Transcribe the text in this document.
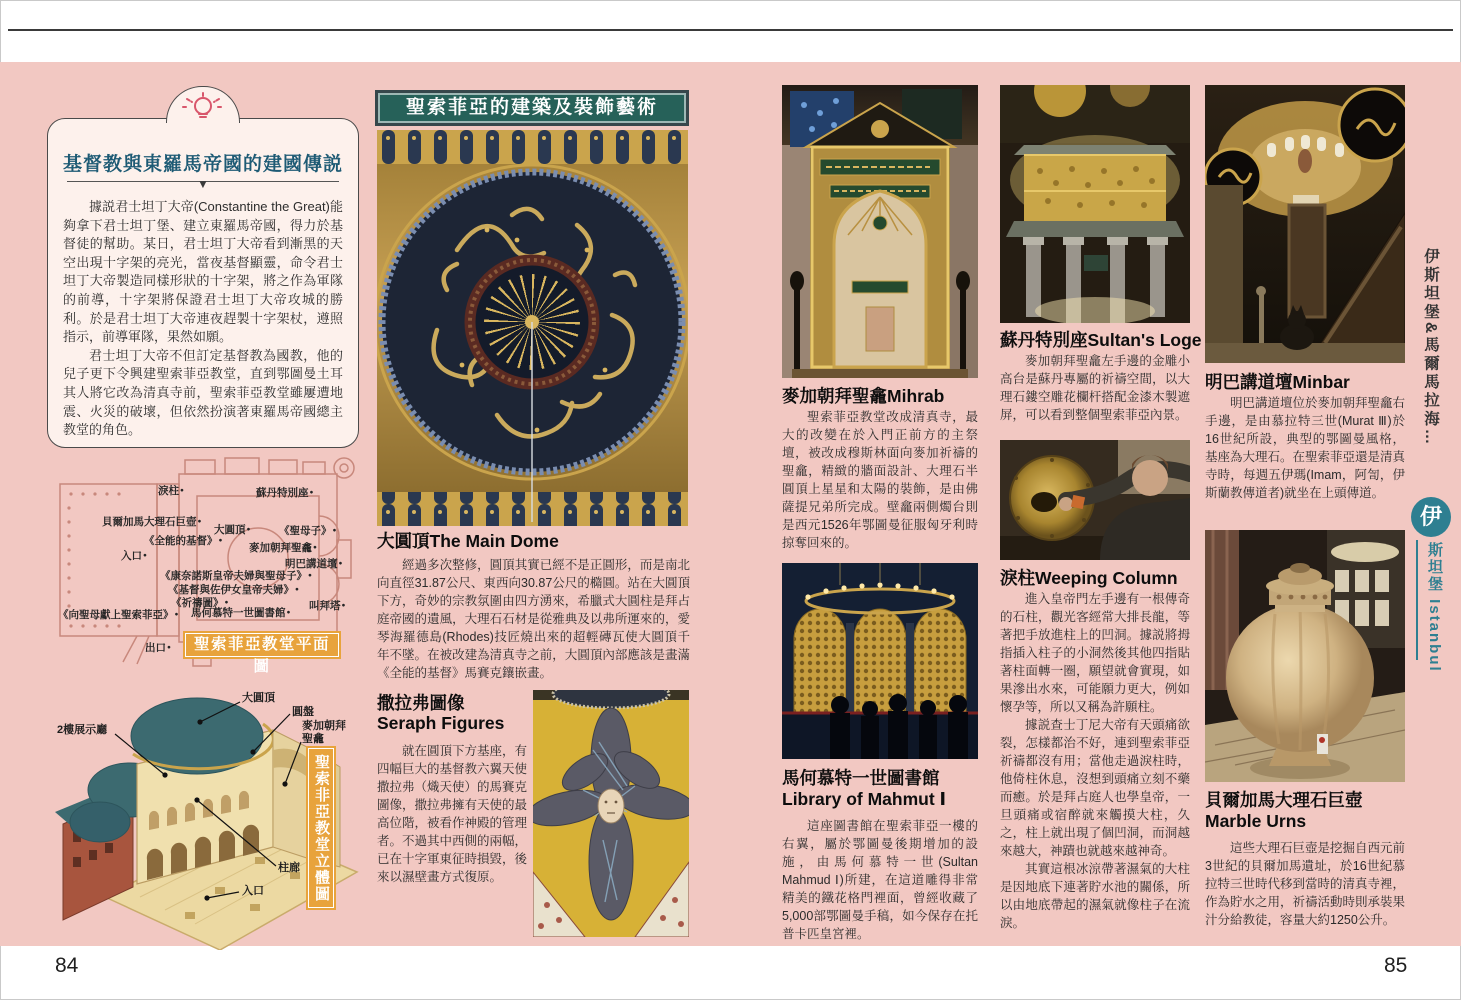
基督教與東羅馬帝國的建國傳説
▼

據説君士坦丁大帝(Constantine the Great)能夠拿下君士坦丁堡、建立東羅馬帝國，得力於基督徒的幫助。某日，君士坦丁大帝看到漸黑的天空出現十字架的亮光，當夜基督顯靈，命令君士坦丁大帝製造同樣形狀的十字架，將之作為軍隊的前導，十字架將保證君士坦丁大帝攻城的勝利。於是君士坦丁大帝連夜趕製十字架杖，遵照指示，前導軍隊，果然如願。

君士坦丁大帝不但訂定基督教為國教，他的兒子更下令興建聖索菲亞教堂，直到鄂圖曼土耳其人將它改為清真寺前，聖索菲亞教堂雖屢遭地震、火災的破壞，但依然扮演著東羅馬帝國總主教堂的角色。

淚柱 ●	蘇丹特別座 ●
貝爾加馬大理石巨壺 ●
大圓頂 ●	《聖母子》 ●
《全能的基督》 ●
麥加朝拜聖龕 ●
入口 ●
明巴講道壇 ●
《康奈諾斯皇帝夫婦與聖母子》 ●
《基督與佐伊女皇帝夫婦》 ●
《祈禱圖》 ●	叫拜塔 ●
馬何慕特一世圖書館 ●
《向聖母獻上聖索菲亞》 ●
出口 ●	聖索菲亞教堂平面圖
大圓頂
圓盤
2樓展示廳	麥加朝拜聖龕
柱廊
入口	聖索非亞教堂立體圖
聖索菲亞的建築及裝飾藝術
大圓頂The Main Dome

經過多次整修，圓頂其實已經不是正圓形，而是南北向直徑31.87公尺、東西向30.87公尺的橢圓。站在大圓頂下方，奇妙的宗教氛圍由四方湧來，希臘式大圓柱是拜占庭帝國的遺風，大理石石材是從雅典及以弗所運來的，愛琴海羅德島(Rhodes)技匠燒出來的超輕磚瓦使大圓頂千年不墜。在被改建為清真寺之前，大圓頂內部應該是畫滿《全能的基督》馬賽克鑲嵌畫。

撒拉弗圖像
Seraph Figures

就在圓頂下方基座，有四幅巨大的基督教六翼天使撒拉弗（熾天使）的馬賽克圖像，撒拉弗擁有天使的最高位階，被看作神殿的管理者。不過其中西側的兩幅，已在十字軍東征時損毀，後來以濕壁畫方式復原。

麥加朝拜聖龕Mihrab

聖索菲亞教堂改成清真寺，最大的改變在於入門正前方的主祭壇，被改成穆斯林面向麥加祈禱的聖龕，精緻的牆面設計、大理石半圓頂上星星和太陽的裝飾，是由佛薩提兄弟所完成。壁龕兩側燭台則是西元1526年鄂圖曼征服匈牙利時掠奪回來的。

馬何慕特一世圖書館
Library of Mahmut Ⅰ

這座圖書館在聖索菲亞一樓的右翼，屬於鄂圖曼後期增加的設施，由馬何慕特一世(Sultan Mahmud Ⅰ)所建，在這道雕得非常精美的鐵花格門裡面，曾經收藏了5,000部鄂圖曼手稿，如今保存在托普卡匹皇宮裡。

蘇丹特別座Sultan's Loge

麥加朝拜聖龕左手邊的金雕小高台是蘇丹專屬的祈禱空間，以大理石鏤空雕花欄杆搭配金漆木製遮屏，可以看到整個聖索菲亞內景。

淚柱Weeping Column

進入皇帝門左手邊有一根傳奇的石柱，觀光客經常大排長龍，等著把手放進柱上的凹洞。據説將拇指插入柱子的小洞然後其他四指貼著柱面轉一圈，願望就會實現，如果滲出水來，可能願力更大，例如懷孕等，所以又稱為許願柱。

據説查士丁尼大帝有天頭痛欲裂，怎樣都治不好，連到聖索菲亞祈禱都沒有用；當他走過淚柱時，他倚柱休息，沒想到頭痛立刻不藥而癒。於是拜占庭人也學皇帝，一旦頭痛或宿醉就來觸摸大柱，久之，柱上就出現了個凹洞，而洞越來越大，神蹟也就越來越神奇。

其實這根冰涼帶著濕氣的大柱是因地底下連著貯水池的關係，所以由地底帶起的濕氣就像柱子在流淚。

明巴講道壇Minbar

明巴講道壇位於麥加朝拜聖龕右手邊，是由慕拉特三世(Murat Ⅲ)於16世紀所設，典型的鄂圖曼風格，基座為大理石。在聖索菲亞還是清真寺時，每週五伊瑪(Imam，阿訇，伊斯蘭教傳道者)就坐在上頭傳道。

貝爾加馬大理石巨壺
Marble Urns

這些大理石巨壺是挖掘自西元前3世紀的貝爾加馬遺址，於16世紀慕拉特三世時代移到當時的清真寺裡，作為貯水之用，祈禱活動時則承裝果汁分給教徒，容量大約1250公升。

伊斯坦堡&馬爾馬拉海…
伊
斯坦堡 Istanbul
84	85
